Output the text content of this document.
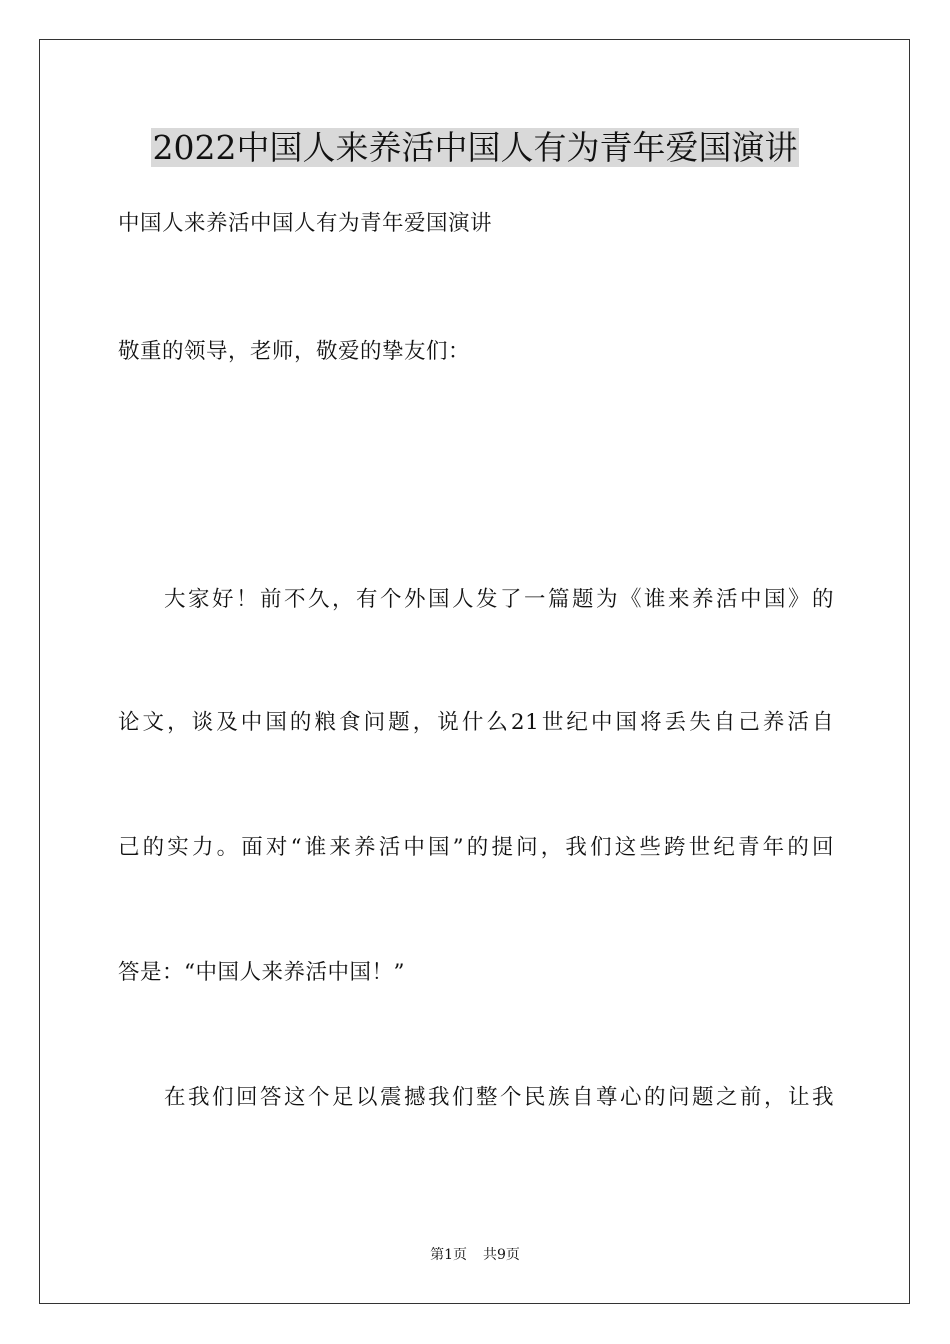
2022中国人来养活中国人有为青年爱国演讲
中国人来养活中国人有为青年爱国演讲
敬重的领导，老师，敬爱的挚友们：
大家好！前不久，有个外国人发了一篇题为《谁来养活中国》的
论文，谈及中国的粮食问题，说什么21世纪中国将丢失自己养活自
己的实力。面对“谁来养活中国”的提问，我们这些跨世纪青年的回
答是：“中国人来养活中国！”
在我们回答这个足以震撼我们整个民族自尊心的问题之前，让我
第1页 共9页
